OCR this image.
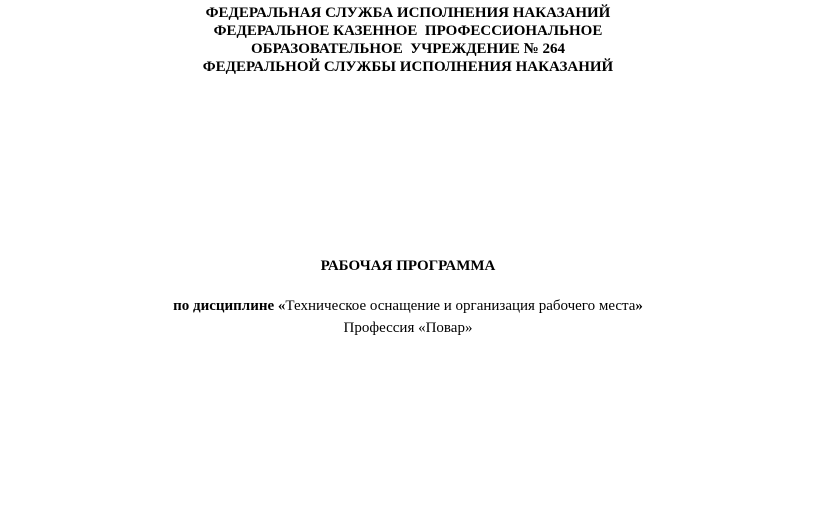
ФЕДЕРАЛЬНАЯ СЛУЖБА ИСПОЛНЕНИЯ НАКАЗАНИЙ
ФЕДЕРАЛЬНОЕ КАЗЕННОЕ  ПРОФЕССИОНАЛЬНОЕ
ОБРАЗОВАТЕЛЬНОЕ  УЧРЕЖДЕНИЕ № 264
ФЕДЕРАЛЬНОЙ СЛУЖБЫ ИСПОЛНЕНИЯ НАКАЗАНИЙ
РАБОЧАЯ ПРОГРАММА
по дисциплине «Техническое оснащение и организация рабочего места»
Профессия «Повар»
